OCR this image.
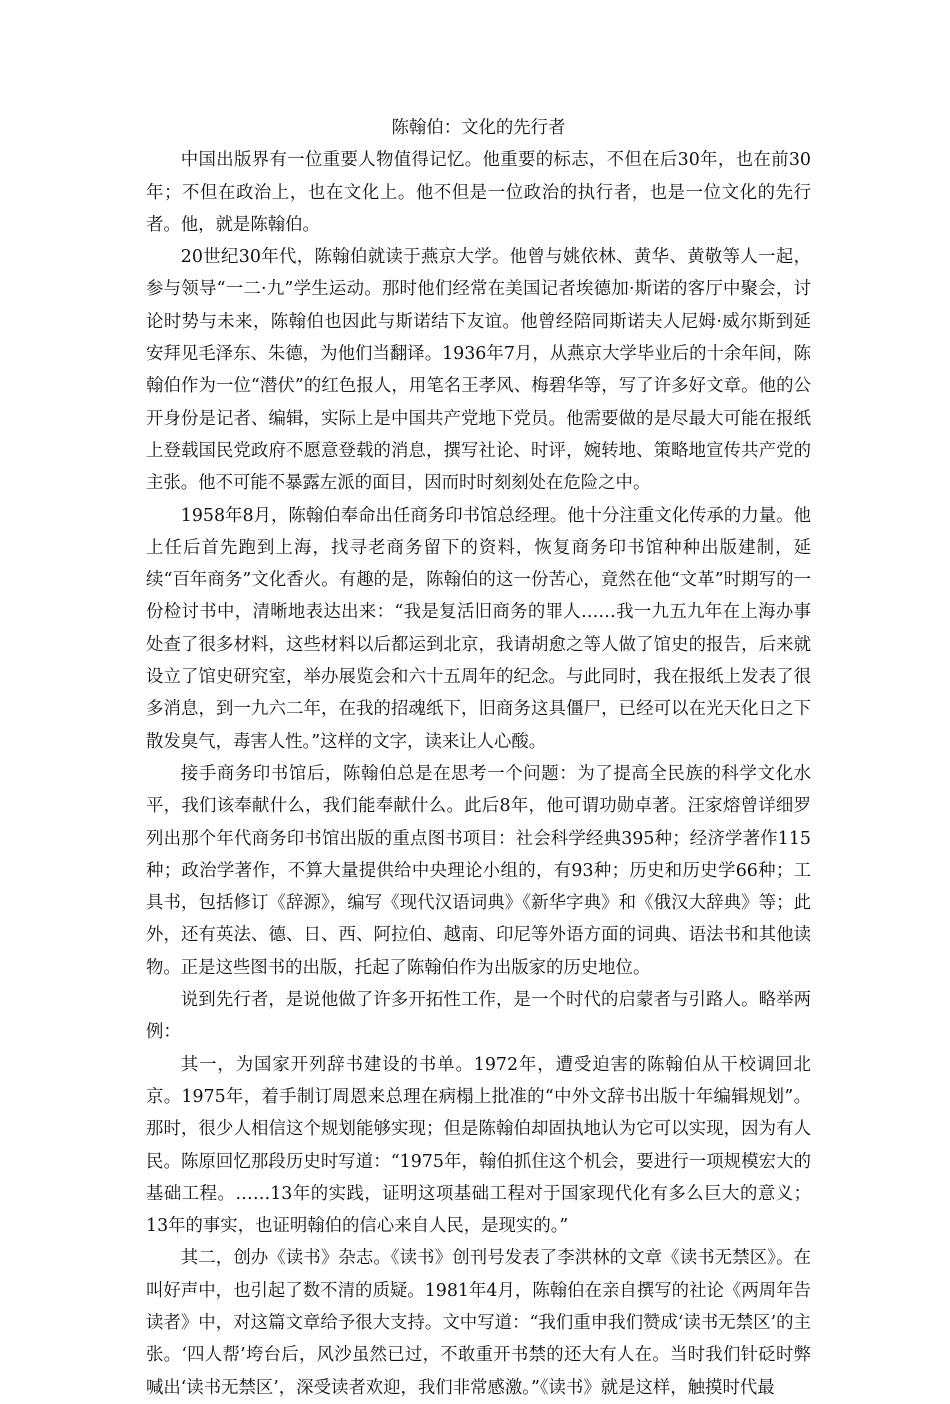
陈翰伯：文化的先行者

中国出版界有一位重要人物值得记忆。他重要的标志，不但在后30年，也在前30年；不但在政治上，也在文化上。他不但是一位政治的执行者，也是一位文化的先行者。他，就是陈翰伯。

20世纪30年代，陈翰伯就读于燕京大学。他曾与姚依林、黄华、黄敬等人一起，参与领导“一二·九”学生运动。那时他们经常在美国记者埃德加·斯诺的客厅中聚会，讨论时势与未来，陈翰伯也因此与斯诺结下友谊。他曾经陪同斯诺夫人尼姆·威尔斯到延安拜见毛泽东、朱德，为他们当翻译。1936年7月，从燕京大学毕业后的十余年间，陈翰伯作为一位“潜伏”的红色报人，用笔名王孝风、梅碧华等，写了许多好文章。他的公开身份是记者、编辑，实际上是中国共产党地下党员。他需要做的是尽最大可能在报纸上登载国民党政府不愿意登载的消息，撰写社论、时评，婉转地、策略地宣传共产党的主张。他不可能不暴露左派的面目，因而时时刻刻处在危险之中。

1958年8月，陈翰伯奉命出任商务印书馆总经理。他十分注重文化传承的力量。他上任后首先跑到上海，找寻老商务留下的资料，恢复商务印书馆种种出版建制，延续“百年商务”文化香火。有趣的是，陈翰伯的这一份苦心，竟然在他“文革”时期写的一份检讨书中，清晰地表达出来：“我是复活旧商务的罪人……我一九五九年在上海办事处查了很多材料，这些材料以后都运到北京，我请胡愈之等人做了馆史的报告，后来就设立了馆史研究室，举办展览会和六十五周年的纪念。与此同时，我在报纸上发表了很多消息，到一九六二年，在我的招魂纸下，旧商务这具僵尸，已经可以在光天化日之下散发臭气，毒害人性。”这样的文字，读来让人心酸。

接手商务印书馆后，陈翰伯总是在思考一个问题：为了提高全民族的科学文化水平，我们该奉献什么，我们能奉献什么。此后8年，他可谓功勋卓著。汪家熔曾详细罗列出那个年代商务印书馆出版的重点图书项目：社会科学经典395种；经济学著作115种；政治学著作，不算大量提供给中央理论小组的，有93种；历史和历史学66种；工具书，包括修订《辞源》，编写《现代汉语词典》《新华字典》和《俄汉大辞典》等；此外，还有英法、德、日、西、阿拉伯、越南、印尼等外语方面的词典、语法书和其他读物。正是这些图书的出版，托起了陈翰伯作为出版家的历史地位。

说到先行者，是说他做了许多开拓性工作，是一个时代的启蒙者与引路人。略举两例：

其一，为国家开列辞书建设的书单。1972年，遭受迫害的陈翰伯从干校调回北京。1975年，着手制订周恩来总理在病榻上批准的“中外文辞书出版十年编辑规划”。那时，很少人相信这个规划能够实现；但是陈翰伯却固执地认为它可以实现，因为有人民。陈原回忆那段历史时写道：“1975年，翰伯抓住这个机会，要进行一项规模宏大的基础工程。……13年的实践，证明这项基础工程对于国家现代化有多么巨大的意义；13年的事实，也证明翰伯的信心来自人民，是现实的。”

其二，创办《读书》杂志。《读书》创刊号发表了李洪林的文章《读书无禁区》。在叫好声中，也引起了数不清的质疑。1981年4月，陈翰伯在亲自撰写的社论《两周年告读者》中，对这篇文章给予很大支持。文中写道：“我们重申我们赞成‘读书无禁区’的主张。‘四人帮’垮台后，风沙虽然已过，不敢重开书禁的还大有人在。当时我们针砭时弊喊出‘读书无禁区’，深受读者欢迎，我们非常感激。”《读书》就是这样，触摸时代最
